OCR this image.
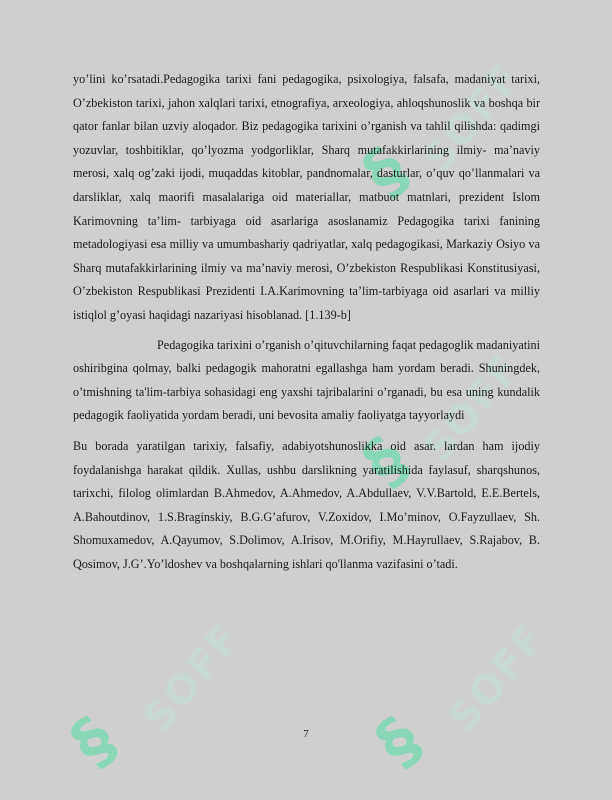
§
SOFF
§
SOFF
§
SOFF
§
SOFF

yo’lini ko’rsatadi.Pedagogika tarixi fani pedagogika, psixologiya, falsafa, madaniyat tarixi, O’zbekiston tarixi, jahon xalqlari tarixi, etnografiya, arxeologiya, ahloqshunoslik va boshqa bir qator fanlar bilan uzviy aloqador. Biz pedagogika tarixini o’rganish va tahlil qilishda: qadimgi yozuvlar, toshbitiklar, qo’lyozma yodgorliklar, Sharq mutafakkirlarining ilmiy- ma’naviy merosi, xalq og’zaki ijodi, muqaddas kitoblar, pandnomalar, dasturlar, o’quv qo’llanmalari va darsliklar, xalq maorifi masalalariga oid materiallar, matbuot matnlari, prezident Islom Karimovning ta’lim- tarbiyaga oid asarlariga asoslanamiz Pedagogika tarixi fanining metadologiyasi esa milliy va umumbashariy qadriyatlar, xalq pedagogikasi, Markaziy Osiyo va Sharq mutafakkirlarining ilmiy va ma’naviy merosi, O’zbekiston Respublikasi Konstitusiyasi, O’zbekiston Respublikasi Prezidenti I.A.Karimovning ta’lim-tarbiyaga oid asarlari va milliy istiqlol g’oyasi haqidagi nazariyasi hisoblanad. [1.139-b]

Pedagogika tarixini o’rganish o’qituvchilarning faqat pedagoglik madaniyatini oshiribgina qolmay, balki pedagogik mahoratni egallashga ham yordam beradi. Shuningdek, o’tmishning ta'lim-tarbiya sohasidagi eng yaxshi tajribalarini o’rganadi, bu esa uning kundalik pedagogik faoliyatida yordam beradi, uni bevosita amaliy faoliyatga tayyorlaydi

Bu borada yaratilgan tarixiy, falsafiy, adabiyotshunoslikka oid asar. lardan ham ijodiy foydalanishga harakat qildik. Xullas, ushbu darslikning yaratilishida faylasuf, sharqshunos, tarixchi, filolog olimlardan B.Ahmedov, A.Ahmedov, A.Abdullaev, V.V.Bartold, E.E.Bertels, A.Bahoutdinov, 1.S.Braginskiy, B.G.G’afurov, V.Zoxidov, I.Mo’minov, O.Fayzullaev, Sh. Shomuxamedov, A.Qayumov, S.Dolimov, A.Irisov, M.Orifiy, M.Hayrullaev, S.Rajabov, B. Qosimov, J.G’.Yo’ldoshev va boshqalarning ishlari qo'llanma vazifasini o’tadi.

7
